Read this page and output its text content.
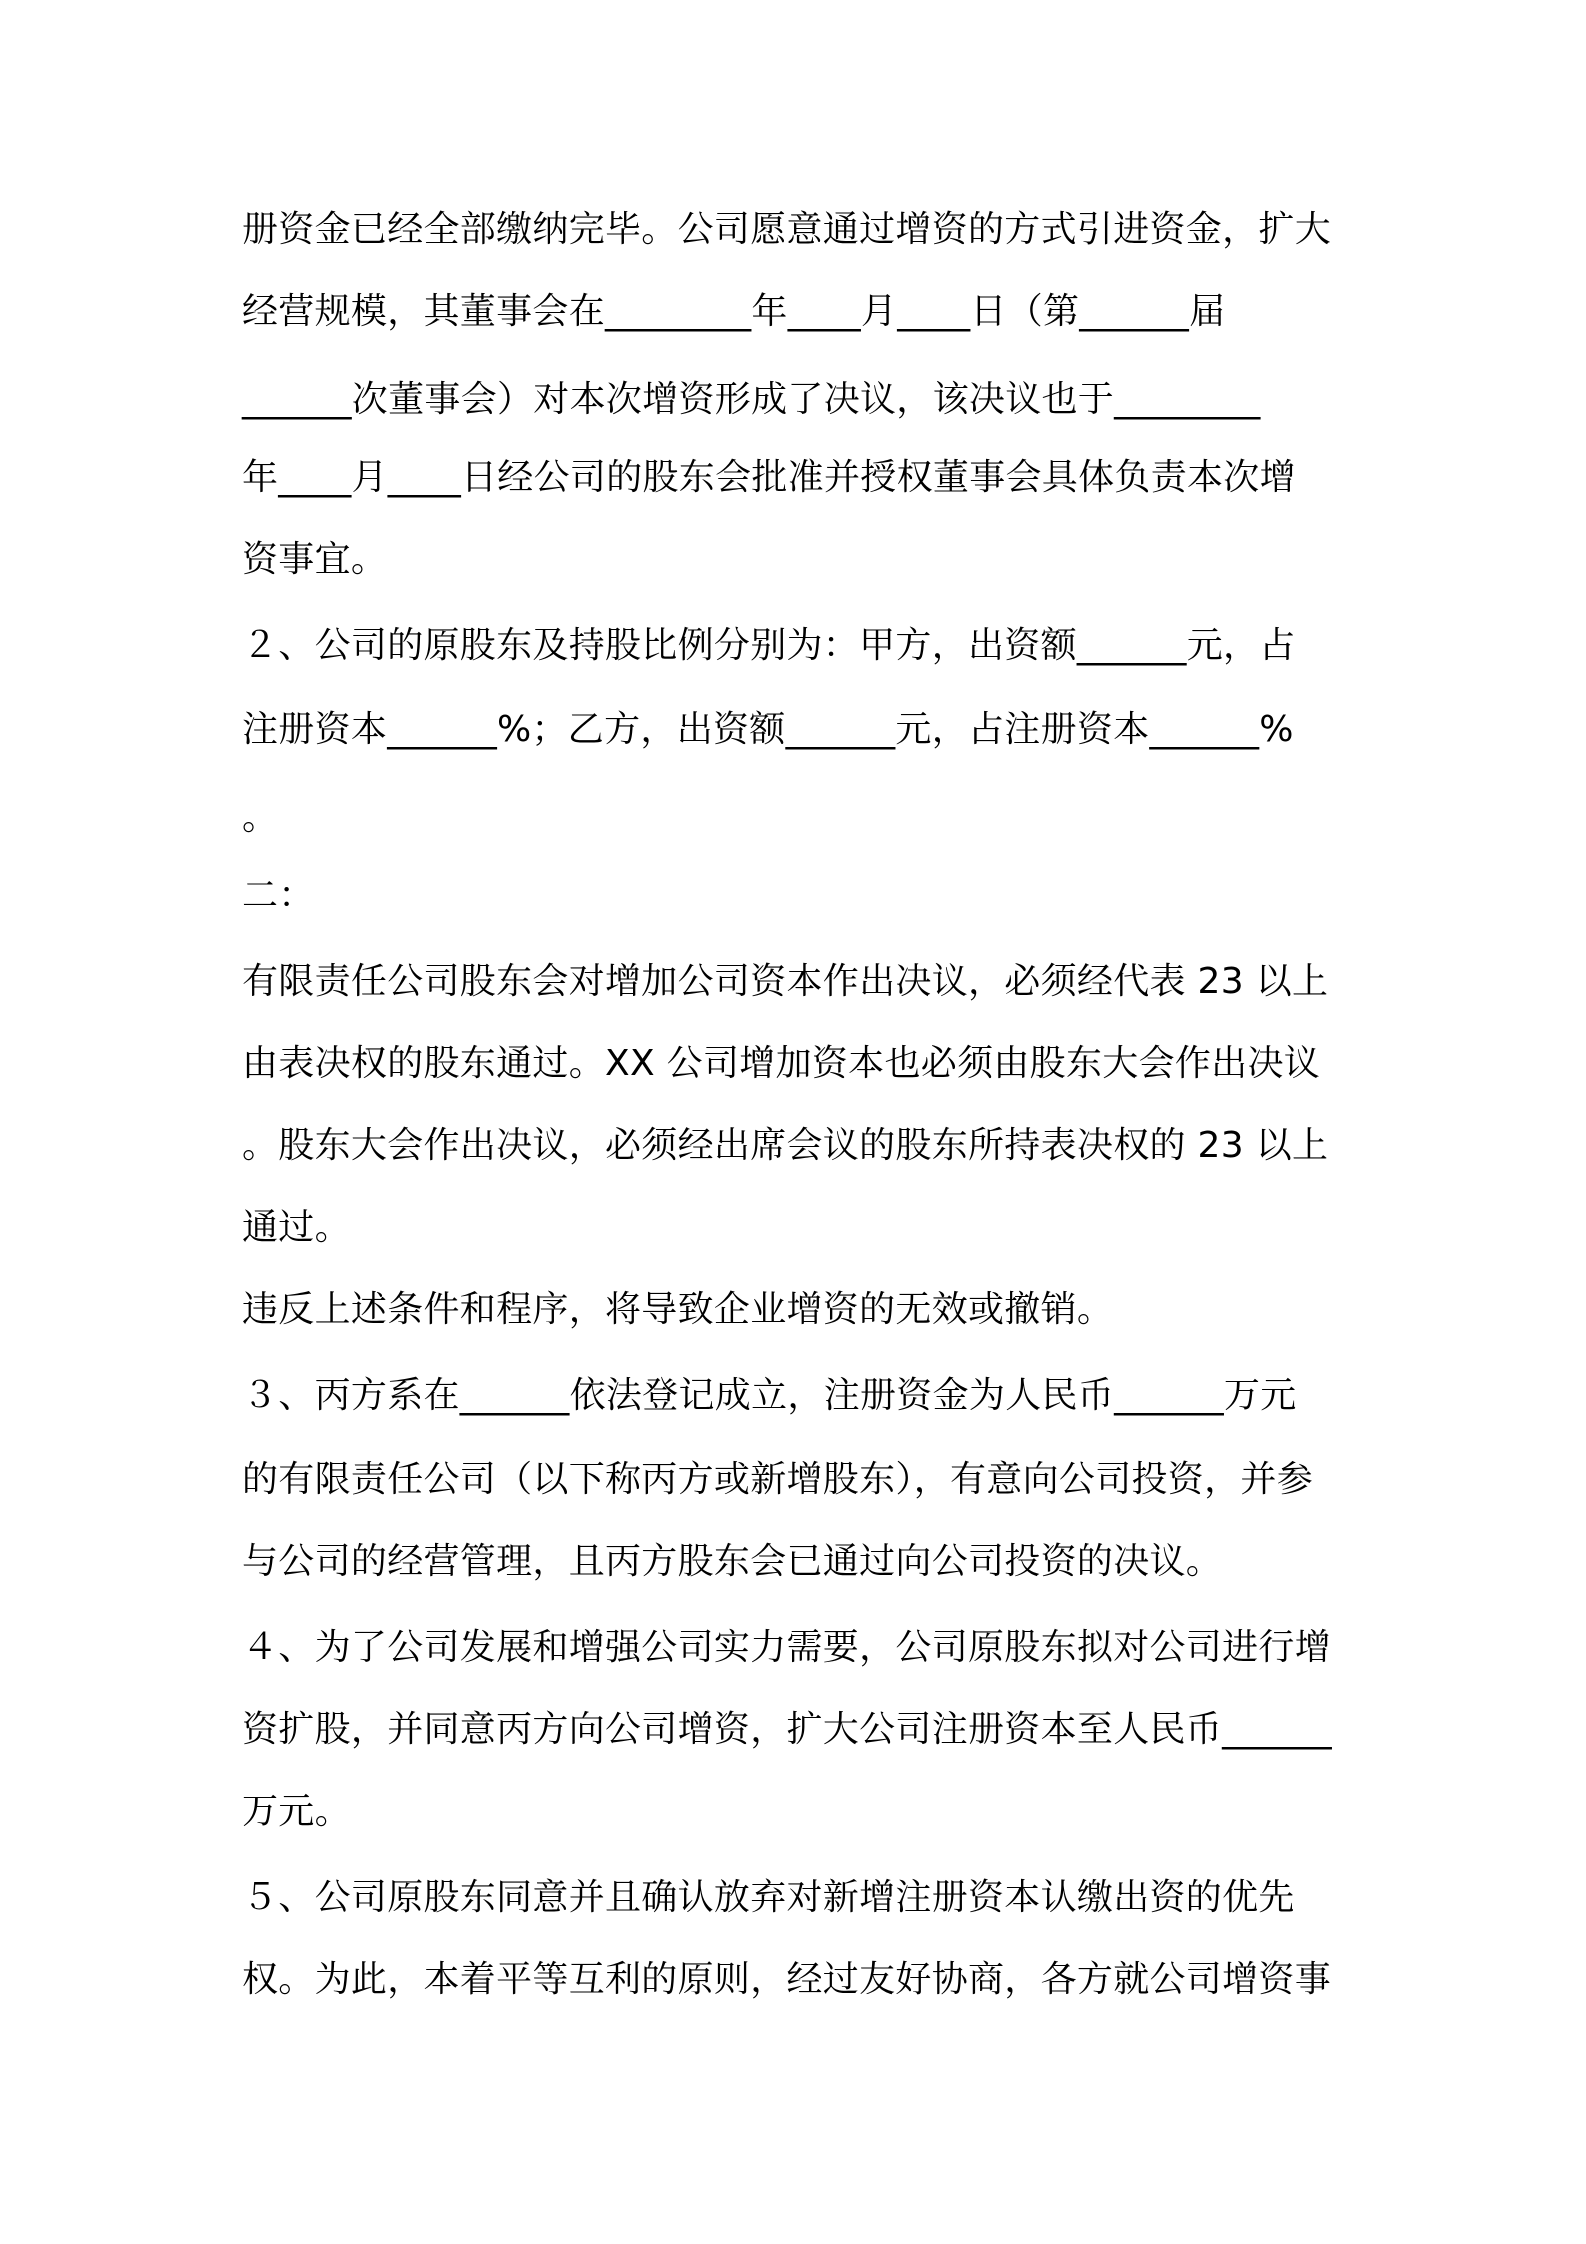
册资金已经全部缴纳完毕。公司愿意通过增资的方式引进资金，扩大

经营规模，其董事会在________年____月____日（第______届

______次董事会）对本次增资形成了决议，该决议也于________

年____月____日经公司的股东会批准并授权董事会具体负责本次增

资事宜。

２、公司的原股东及持股比例分别为：甲方，出资额______元，占

注册资本______%；乙方，出资额______元，占注册资本______%

。

二：

有限责任公司股东会对增加公司资本作出决议，必须经代表 23 以上

由表决权的股东通过。XX 公司增加资本也必须由股东大会作出决议

。股东大会作出决议，必须经出席会议的股东所持表决权的 23 以上

通过。

违反上述条件和程序，将导致企业增资的无效或撤销。

３、丙方系在______依法登记成立，注册资金为人民币______万元

的有限责任公司（以下称丙方或新增股东），有意向公司投资，并参

与公司的经营管理，且丙方股东会已通过向公司投资的决议。

４、为了公司发展和增强公司实力需要，公司原股东拟对公司进行增

资扩股，并同意丙方向公司增资，扩大公司注册资本至人民币______

万元。

５、公司原股东同意并且确认放弃对新增注册资本认缴出资的优先

权。为此，本着平等互利的原则，经过友好协商，各方就公司增资事
